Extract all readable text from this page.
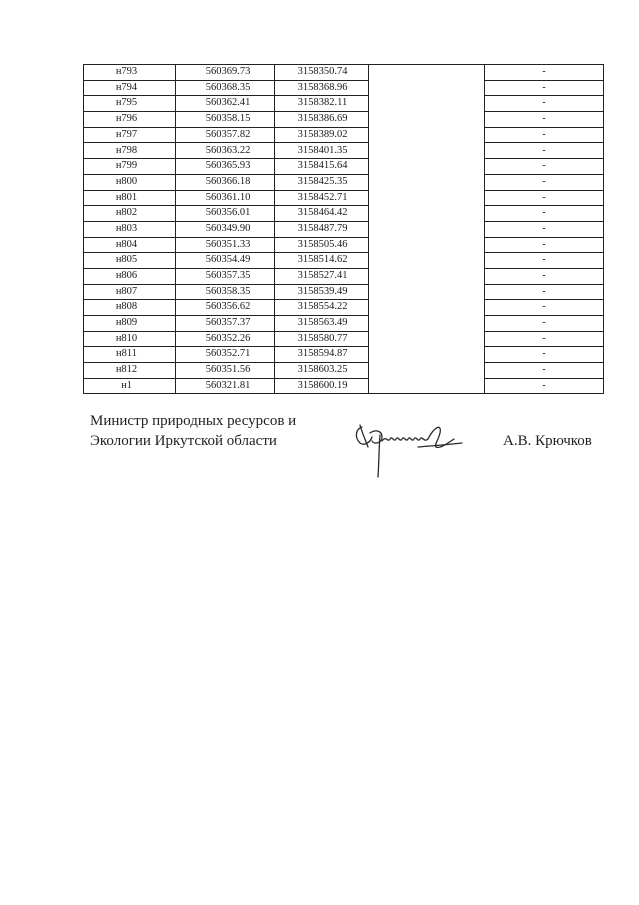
н793	560369.73	3158350.74		-
н794	560368.35	3158368.96		-
н795	560362.41	3158382.11		-
н796	560358.15	3158386.69		-
н797	560357.82	3158389.02		-
н798	560363.22	3158401.35		-
н799	560365.93	3158415.64		-
н800	560366.18	3158425.35		-
н801	560361.10	3158452.71		-
н802	560356.01	3158464.42		-
н803	560349.90	3158487.79		-
н804	560351.33	3158505.46		-
н805	560354.49	3158514.62		-
н806	560357.35	3158527.41		-
н807	560358.35	3158539.49		-
н808	560356.62	3158554.22		-
н809	560357.37	3158563.49		-
н810	560352.26	3158580.77		-
н811	560352.71	3158594.87		-
н812	560351.56	3158603.25		-
н1	560321.81	3158600.19		-
Министр природных ресурсов и
Экологии Иркутской области	А.В. Крючков
